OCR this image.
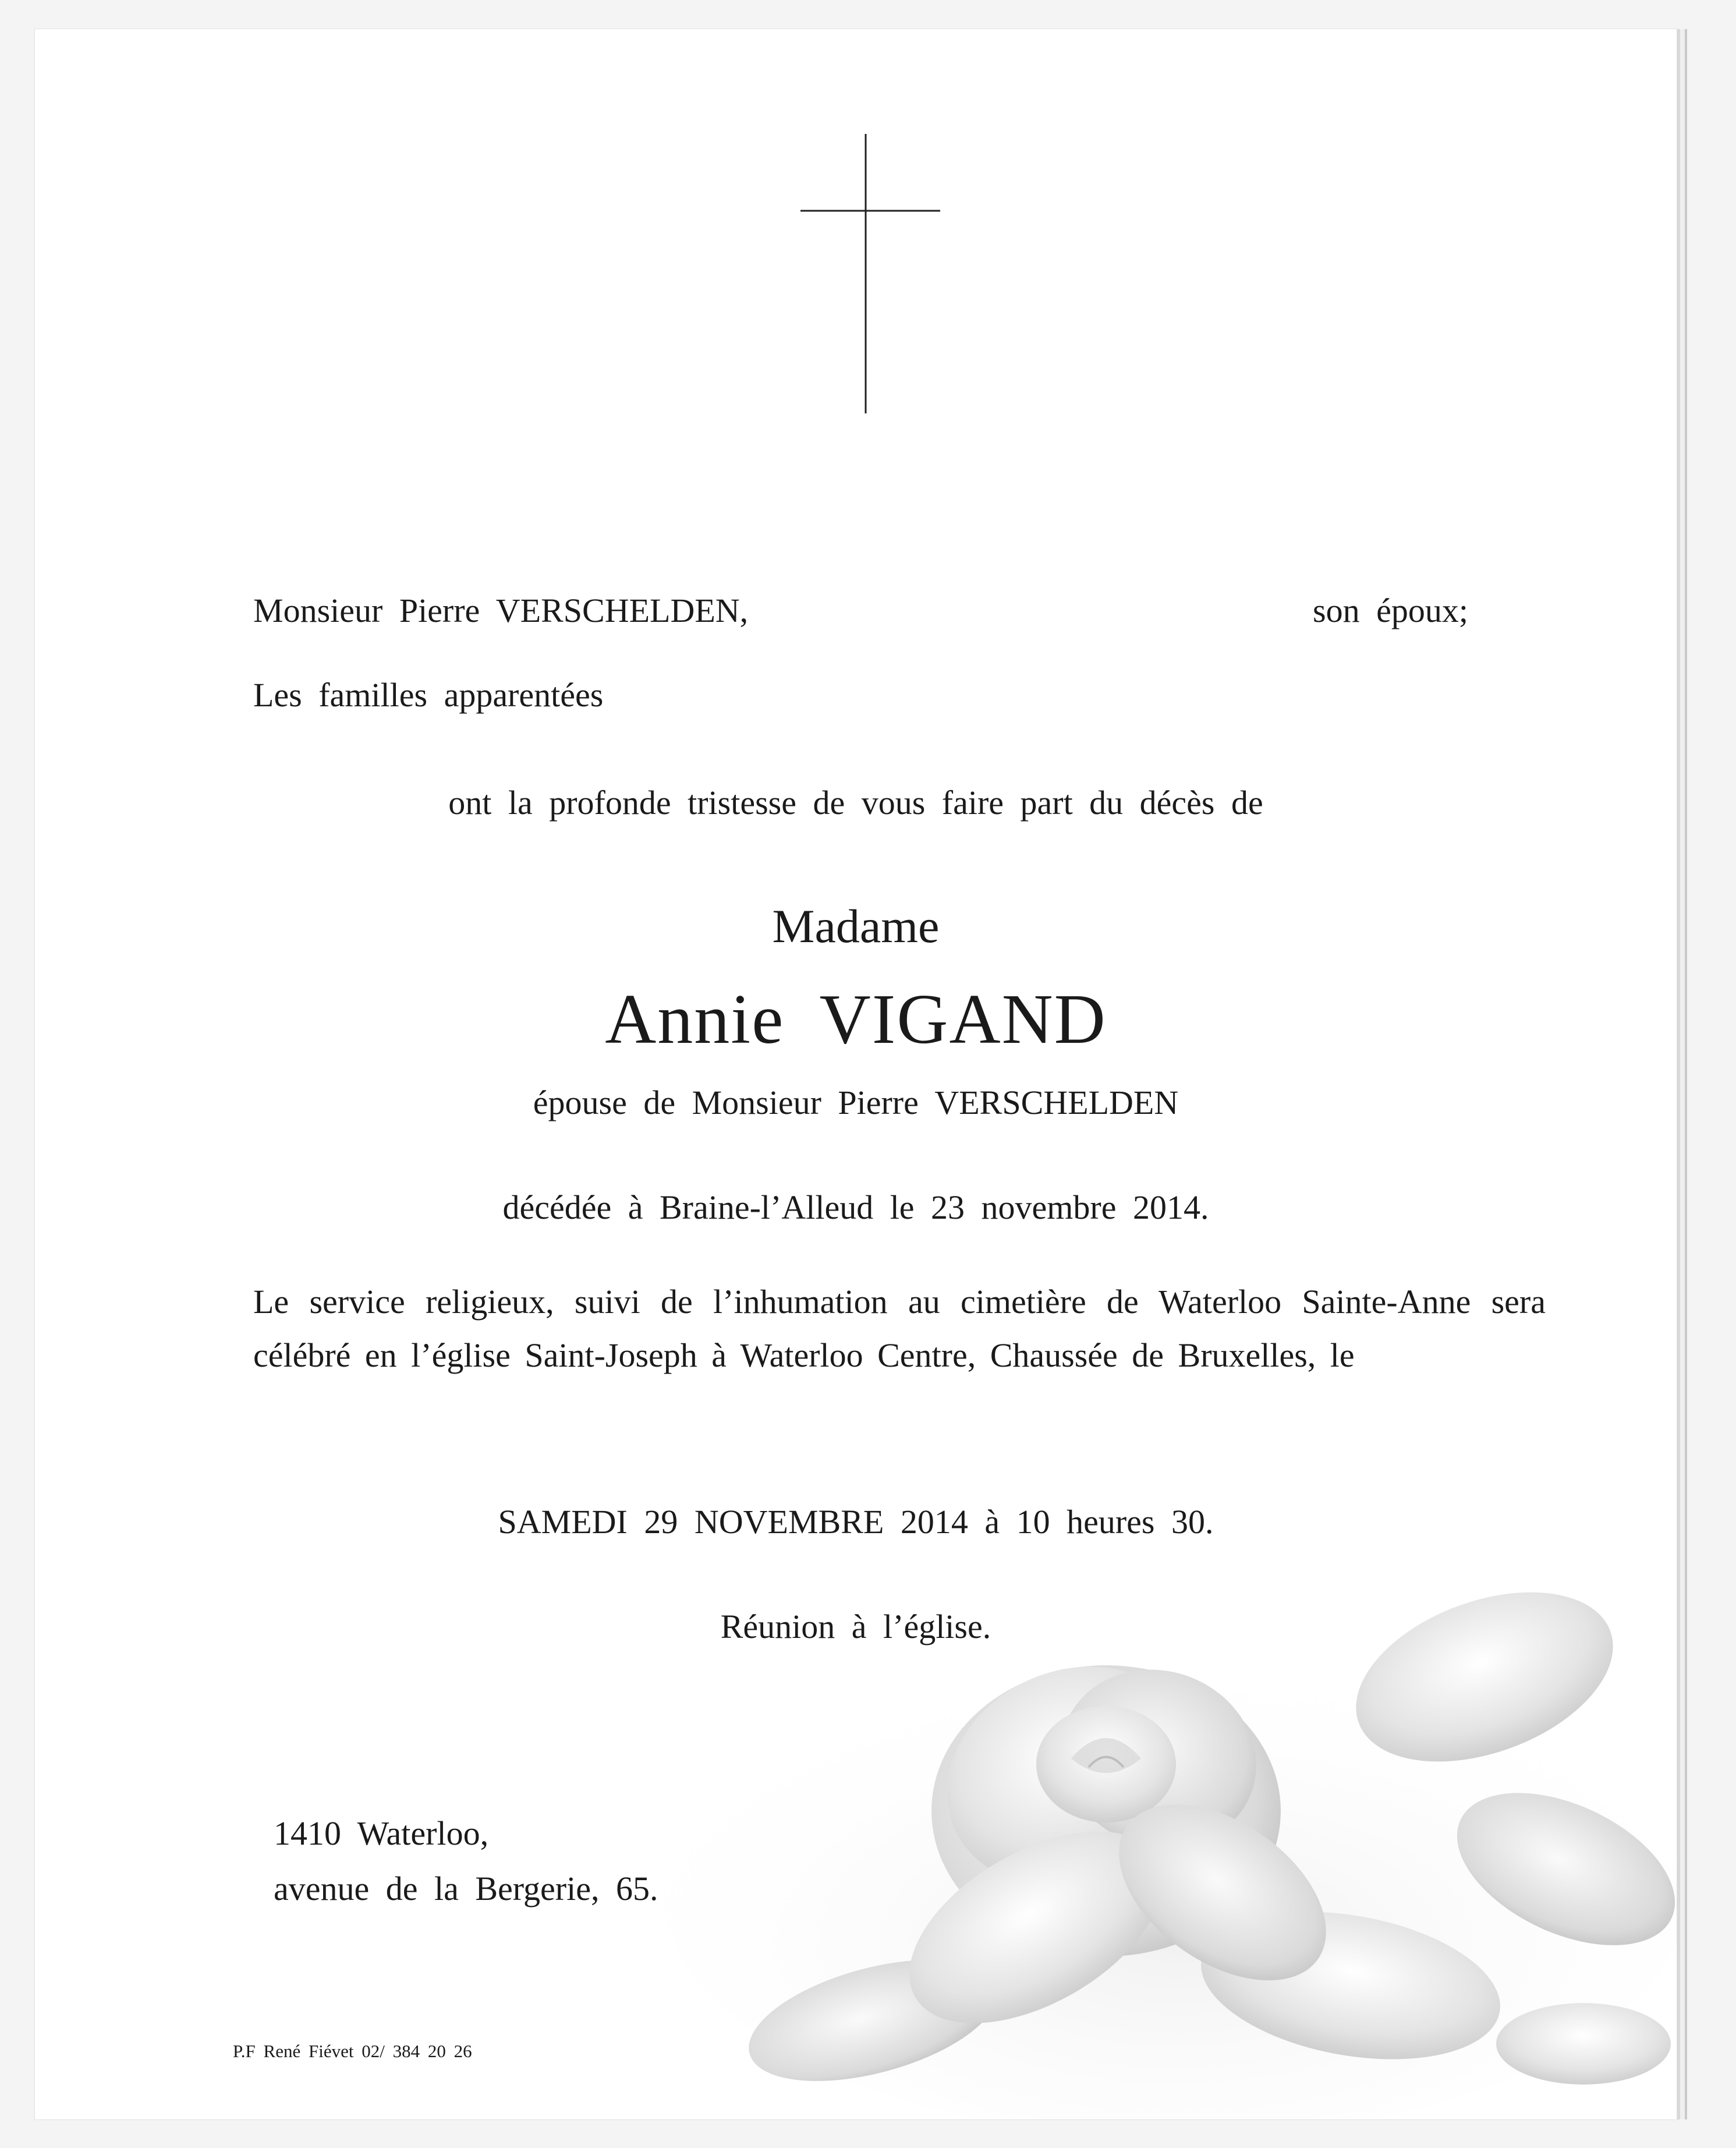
Monsieur Pierre VERSCHELDEN,	son époux;
Les familles apparentées
ont la profonde tristesse de vous faire part du décès de
Madame
Annie VIGAND
épouse de Monsieur Pierre VERSCHELDEN
décédée à Braine-l’Alleud le 23 novembre 2014.
Le service religieux, suivi de l’inhumation au cimetière de Waterloo Sainte-Anne sera célébré en l’église Saint-Joseph à Waterloo Centre, Chaussée de Bruxelles, le
SAMEDI 29 NOVEMBRE 2014 à 10 heures 30.
Réunion à l’église.
1410 Waterloo,
avenue de la Bergerie, 65.
P.F René Fiévet 02/ 384 20 26
